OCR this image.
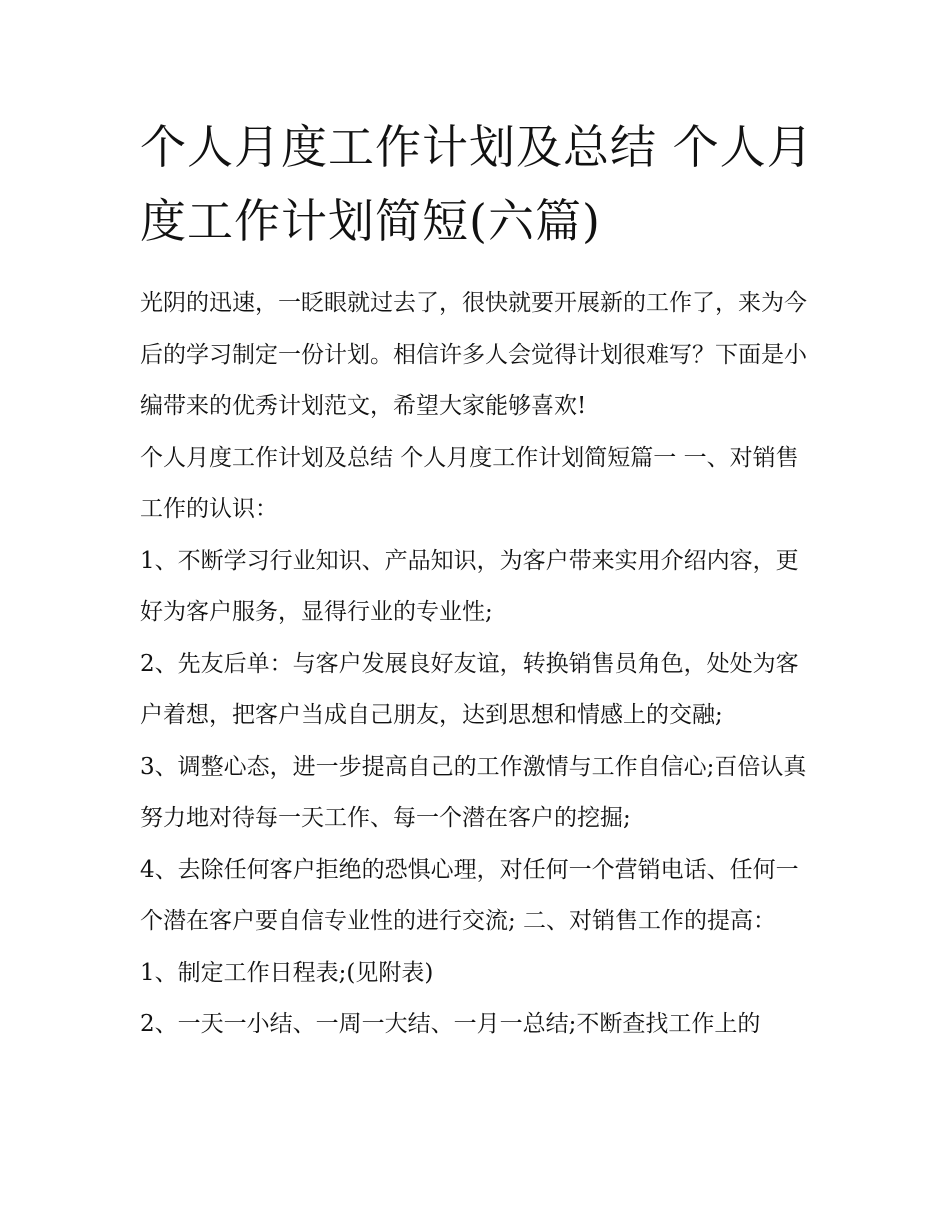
个人月度工作计划及总结 个人月度工作计划简短(六篇)

光阴的迅速，一眨眼就过去了，很快就要开展新的工作了，来为今后的学习制定一份计划。相信许多人会觉得计划很难写？下面是小编带来的优秀计划范文，希望大家能够喜欢!

个人月度工作计划及总结 个人月度工作计划简短篇一 一、对销售工作的认识：

1、不断学习行业知识、产品知识，为客户带来实用介绍内容，更好为客户服务，显得行业的专业性;

2、先友后单：与客户发展良好友谊，转换销售员角色，处处为客户着想，把客户当成自己朋友，达到思想和情感上的交融;

3、调整心态，进一步提高自己的工作激情与工作自信心;百倍认真努力地对待每一天工作、每一个潜在客户的挖掘;

4、去除任何客户拒绝的恐惧心理，对任何一个营销电话、任何一个潜在客户要自信专业性的进行交流; 二、对销售工作的提高： 1、制定工作日程表;(见附表)

2、一天一小结、一周一大结、一月一总结;不断查找工作上的
